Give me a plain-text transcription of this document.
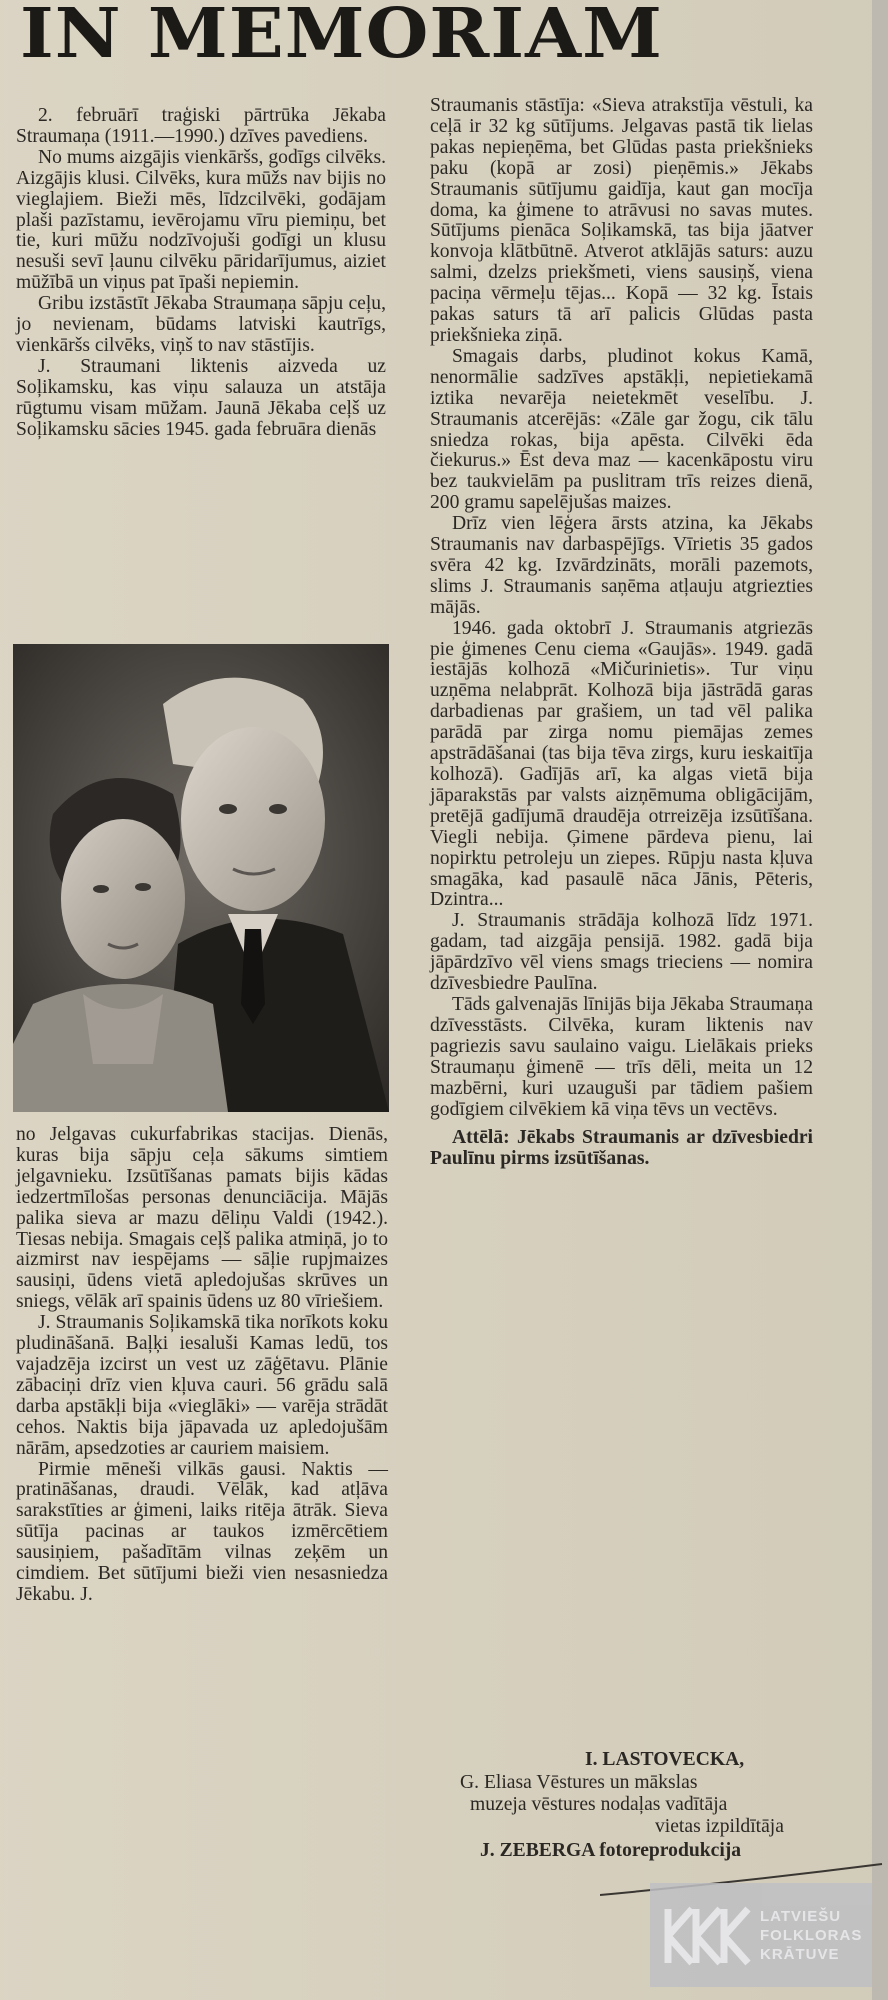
IN MEMORIAM

2. februārī traģiski pārtrūka Jēkaba Straumaņa (1911.—1990.) dzīves pavediens.

No mums aizgājis vienkāršs, godīgs cilvēks. Aizgājis klusi. Cilvēks, kura mūžs nav bijis no vieglajiem. Bieži mēs, līdzcilvēki, godājam plaši pazīstamu, ievērojamu vīru piemiņu, bet tie, kuri mūžu nodzīvojuši godīgi un klusu nesuši sevī ļaunu cilvēku pāridarījumus, aiziet mūžībā un viņus pat īpaši nepiemin.

Gribu izstāstīt Jēkaba Straumaņa sāpju ceļu, jo nevienam, būdams latviski kautrīgs, vienkāršs cilvēks, viņš to nav stāstījis.

J. Straumani liktenis aizveda uz Soļikamsku, kas viņu salauza un atstāja rūgtumu visam mūžam. Jaunā Jēkaba ceļš uz Soļikamsku sācies 1945. gada februāra dienās

no Jelgavas cukurfabrikas stacijas. Dienās, kuras bija sāpju ceļa sākums simtiem jelgavnieku. Izsūtīšanas pamats bijis kādas iedzertmīlošas personas denunciācija. Mājās palika sieva ar mazu dēliņu Valdi (1942.). Tiesas nebija. Smagais ceļš palika atmiņā, jo to aizmirst nav iespējams — sāļie rupjmaizes sausiņi, ūdens vietā apledojušas skrūves un sniegs, vēlāk arī spainis ūdens uz 80 vīriešiem.

J. Straumanis Soļikamskā tika norīkots koku pludināšanā. Baļķi iesaluši Kamas ledū, tos vajadzēja izcirst un vest uz zāģētavu. Plānie zābaciņi drīz vien kļuva cauri. 56 grādu salā darba apstākļi bija «vieglāki» — varēja strādāt cehos. Naktis bija jāpavada uz apledojušām nārām, apsedzoties ar cauriem maisiem.

Pirmie mēneši vilkās gausi. Naktis — pratināšanas, draudi. Vēlāk, kad atļāva sarakstīties ar ģimeni, laiks ritēja ātrāk. Sieva sūtīja pacinas ar taukos izmērcētiem sausiņiem, pašadītām vilnas zeķēm un cimdiem. Bet sūtījumi bieži vien nesasniedza Jēkabu. J.

Straumanis stāstīja: «Sieva atrakstīja vēstuli, ka ceļā ir 32 kg sūtījums. Jelgavas pastā tik lielas pakas nepieņēma, bet Glūdas pasta priekšnieks paku (kopā ar zosi) pieņēmis.» Jēkabs Straumanis sūtījumu gaidīja, kaut gan mocīja doma, ka ģimene to atrāvusi no savas mutes. Sūtījums pienāca Soļikamskā, tas bija jāatver konvoja klātbūtnē. Atverot atklājās saturs: auzu salmi, dzelzs priekšmeti, viens sausiņš, viena paciņa vērmeļu tējas... Kopā — 32 kg. Īstais pakas saturs tā arī palicis Glūdas pasta priekšnieka ziņā.

Smagais darbs, pludinot kokus Kamā, nenormālie sadzīves apstākļi, nepietiekamā iztika nevarēja neietekmēt veselību. J. Straumanis atcerējās: «Zāle gar žogu, cik tālu sniedza rokas, bija apēsta. Cilvēki ēda čiekurus.» Ēst deva maz — kacenkāpostu viru bez taukvielām pa puslitram trīs reizes dienā, 200 gramu sapelējušas maizes.

Drīz vien lēģera ārsts atzina, ka Jēkabs Straumanis nav darbaspējīgs. Vīrietis 35 gados svēra 42 kg. Izvārdzināts, morāli pazemots, slims J. Straumanis saņēma atļauju atgriezties mājās.

1946. gada oktobrī J. Straumanis atgriezās pie ģimenes Cenu ciema «Gaujās». 1949. gadā iestājās kolhozā «Mičurinietis». Tur viņu uzņēma nelabprāt. Kolhozā bija jāstrādā garas darbadienas par grašiem, un tad vēl palika parādā par zirga nomu piemājas zemes apstrādāšanai (tas bija tēva zirgs, kuru ieskaitīja kolhozā). Gadījās arī, ka algas vietā bija jāparakstās par valsts aizņēmuma obligācijām, pretējā gadījumā draudēja otrreizēja izsūtīšana. Viegli nebija. Ģimene pārdeva pienu, lai nopirktu petroleju un ziepes. Rūpju nasta kļuva smagāka, kad pasaulē nāca Jānis, Pēteris, Dzintra...

J. Straumanis strādāja kolhozā līdz 1971. gadam, tad aizgāja pensijā. 1982. gadā bija jāpārdzīvo vēl viens smags trieciens — nomira dzīvesbiedre Paulīna.

Tāds galvenajās līnijās bija Jēkaba Straumaņa dzīvesstāsts. Cilvēka, kuram liktenis nav pagriezis savu saulaino vaigu. Lielākais prieks Straumaņu ģimenē — trīs dēli, meita un 12 mazbērni, kuri uzauguši par tādiem pašiem godīgiem cilvēkiem kā viņa tēvs un vectēvs.

Attēlā: Jēkabs Straumanis ar dzīvesbiedri Paulīnu pirms izsūtīšanas.

I. LASTOVECKA,
G. Eliasa Vēstures un mākslas
muzeja vēstures nodaļas vadītāja
vietas izpildītāja
J. ZEBERGA fotoreprodukcija
LATVIEŠU
FOLKLORAS
KRĀTUVE
